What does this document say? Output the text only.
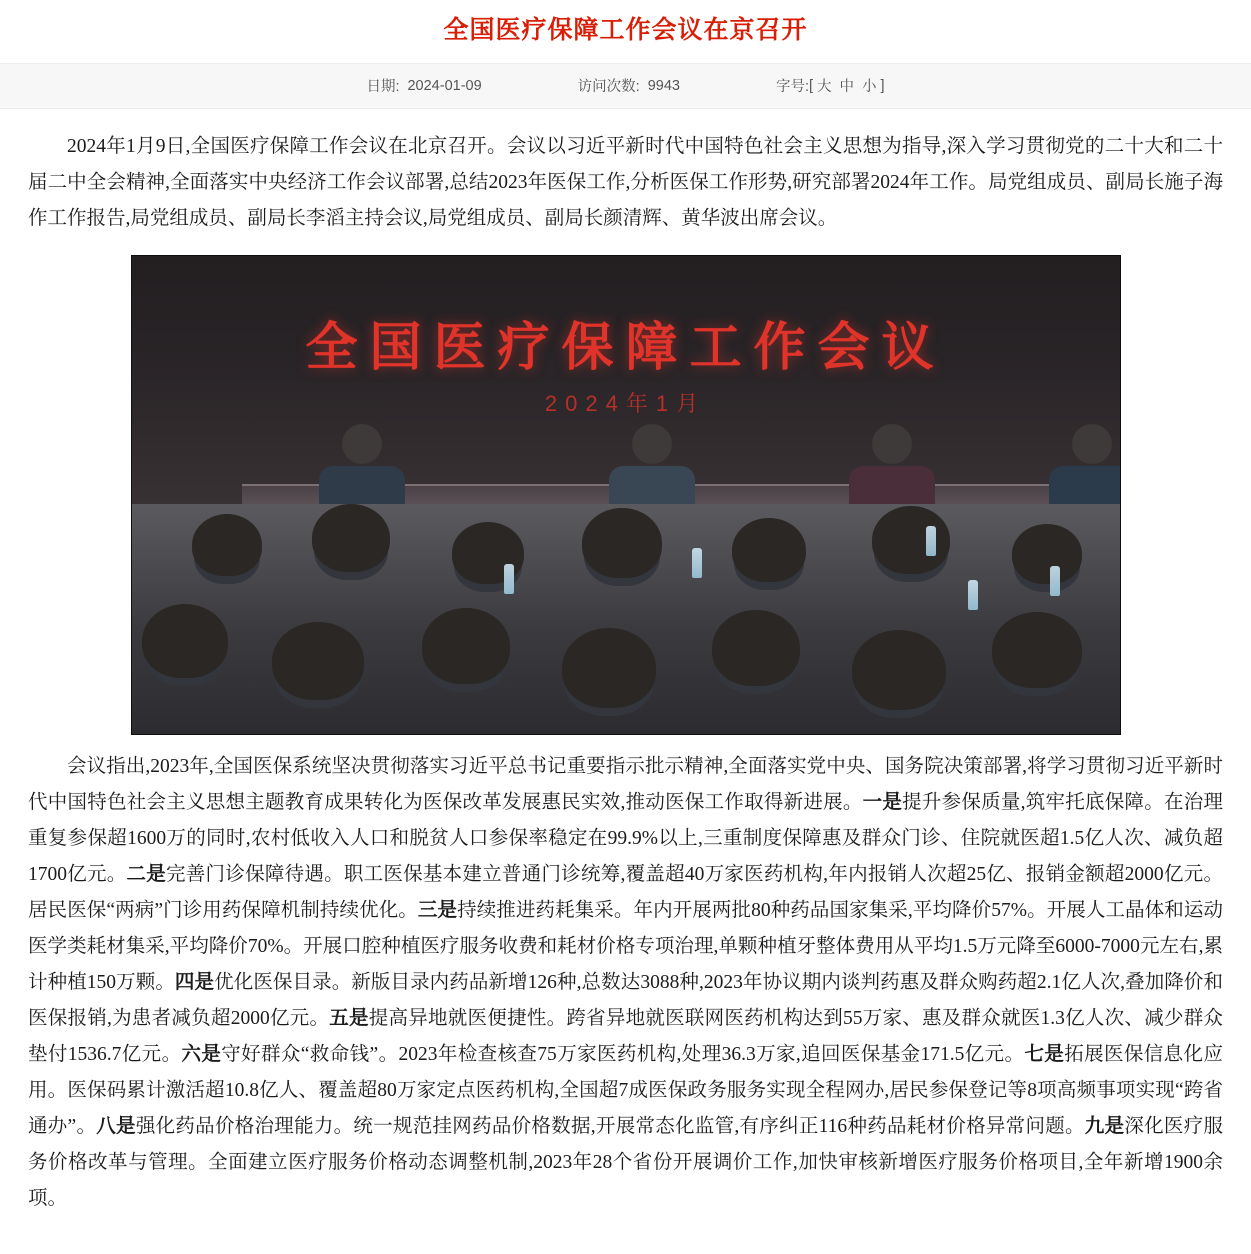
全国医疗保障工作会议在京召开
日期: 2024-01-09	访问次数: 9943	字号: [ 大 中 小 ]

2024年1月9日,全国医疗保障工作会议在北京召开。会议以习近平新时代中国特色社会主义思想为指导,深入学习贯彻党的二十大和二十届二中全会精神,全面落实中央经济工作会议部署,总结2023年医保工作,分析医保工作形势,研究部署2024年工作。局党组成员、副局长施子海作工作报告,局党组成员、副局长李滔主持会议,局党组成员、副局长颜清辉、黄华波出席会议。

全国医疗保障工作会议
2024年1月

会议指出,2023年,全国医保系统坚决贯彻落实习近平总书记重要指示批示精神,全面落实党中央、国务院决策部署,将学习贯彻习近平新时代中国特色社会主义思想主题教育成果转化为医保改革发展惠民实效,推动医保工作取得新进展。一是提升参保质量,筑牢托底保障。在治理重复参保超1600万的同时,农村低收入人口和脱贫人口参保率稳定在99.9%以上,三重制度保障惠及群众门诊、住院就医超1.5亿人次、减负超1700亿元。二是完善门诊保障待遇。职工医保基本建立普通门诊统筹,覆盖超40万家医药机构,年内报销人次超25亿、报销金额超2000亿元。居民医保“两病”门诊用药保障机制持续优化。三是持续推进药耗集采。年内开展两批80种药品国家集采,平均降价57%。开展人工晶体和运动医学类耗材集采,平均降价70%。开展口腔种植医疗服务收费和耗材价格专项治理,单颗种植牙整体费用从平均1.5万元降至6000-7000元左右,累计种植150万颗。四是优化医保目录。新版目录内药品新增126种,总数达3088种,2023年协议期内谈判药惠及群众购药超2.1亿人次,叠加降价和医保报销,为患者减负超2000亿元。五是提高异地就医便捷性。跨省异地就医联网医药机构达到55万家、惠及群众就医1.3亿人次、减少群众垫付1536.7亿元。六是守好群众“救命钱”。2023年检查核查75万家医药机构,处理36.3万家,追回医保基金171.5亿元。七是拓展医保信息化应用。医保码累计激活超10.8亿人、覆盖超80万家定点医药机构,全国超7成医保政务服务实现全程网办,居民参保登记等8项高频事项实现“跨省通办”。八是强化药品价格治理能力。统一规范挂网药品价格数据,开展常态化监管,有序纠正116种药品耗材价格异常问题。九是深化医疗服务价格改革与管理。全面建立医疗服务价格动态调整机制,2023年28个省份开展调价工作,加快审核新增医疗服务价格项目,全年新增1900余项。
